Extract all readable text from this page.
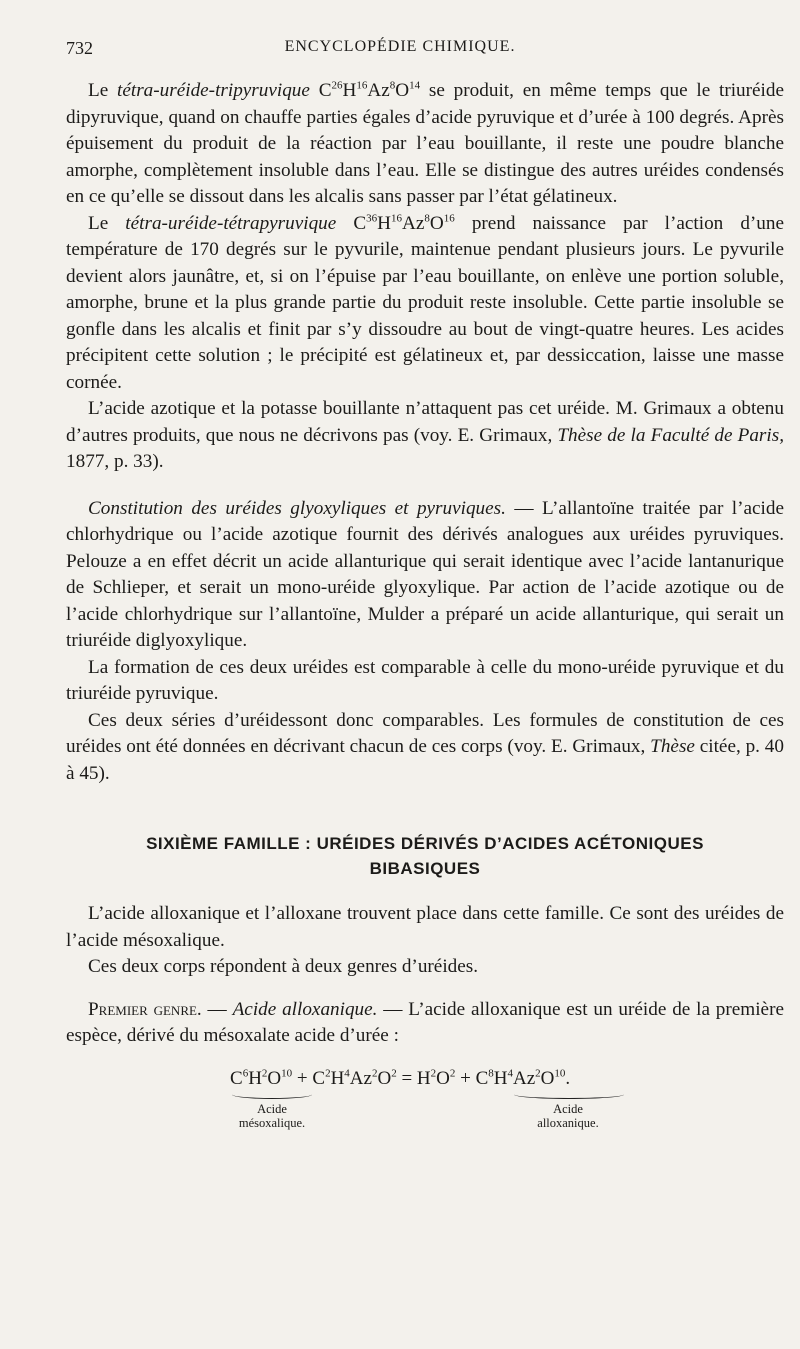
732	ENCYCLOPÉDIE CHIMIQUE.

Le tétra-uréide-tripyruvique $C^{26}H^{16}Az^8O^{14}$ se produit, en même temps que le triuréide dipyruvique, quand on chauffe parties égales d’acide pyruvique et d’urée à 100 degrés. Après épuisement du produit de la réaction par l’eau bouillante, il reste une poudre blanche amorphe, complètement insoluble dans l’eau. Elle se distingue des autres uréides condensés en ce qu’elle se dissout dans les alcalis sans passer par l’état gélatineux.

Le tétra-uréide-tétrapyruvique $C^{36}H^{16}Az^8O^{16}$ prend naissance par l’action d’une température de 170 degrés sur le pyvurile, maintenue pendant plusieurs jours. Le pyvurile devient alors jaunâtre, et, si on l’épuise par l’eau bouillante, on enlève une portion soluble, amorphe, brune et la plus grande partie du produit reste insoluble. Cette partie insoluble se gonfle dans les alcalis et finit par s’y dissoudre au bout de vingt-quatre heures. Les acides précipitent cette solution ; le précipité est gélatineux et, par dessiccation, laisse une masse cornée.

L’acide azotique et la potasse bouillante n’attaquent pas cet uréide. M. Grimaux a obtenu d’autres produits, que nous ne décrivons pas (voy. E. Grimaux, Thèse de la Faculté de Paris, 1877, p. 33).

Constitution des uréides glyoxyliques et pyruviques. — L’allantoïne traitée par l’acide chlorhydrique ou l’acide azotique fournit des dérivés analogues aux uréides pyruviques. Pelouze a en effet décrit un acide allanturique qui serait identique avec l’acide lantanurique de Schlieper, et serait un mono-uréide glyoxylique. Par action de l’acide azotique ou de l’acide chlorhydrique sur l’allantoïne, Mulder a préparé un acide allanturique, qui serait un triuréide diglyoxylique.

La formation de ces deux uréides est comparable à celle du mono-uréide pyruvique et du triuréide pyruvique.

Ces deux séries d’uréidessont donc comparables. Les formules de constitution de ces uréides ont été données en décrivant chacun de ces corps (voy. E. Grimaux, Thèse citée, p. 40 à 45).

SIXIÈME FAMILLE : URÉIDES DÉRIVÉS D’ACIDES ACÉTONIQUES
BIBASIQUES

L’acide alloxanique et l’alloxane trouvent place dans cette famille. Ce sont des uréides de l’acide mésoxalique.

Ces deux corps répondent à deux genres d’uréides.

Premier genre. — Acide alloxanique. — L’acide alloxanique est un uréide de la première espèce, dérivé du mésoxalate acide d’urée :

$C^6H^2O^{10} + C^2H^4Az^2O^2 = H^2O^2 + C^8H^4Az^2O^{10}$.
Acide
mésoxalique.
Acide
alloxanique.
